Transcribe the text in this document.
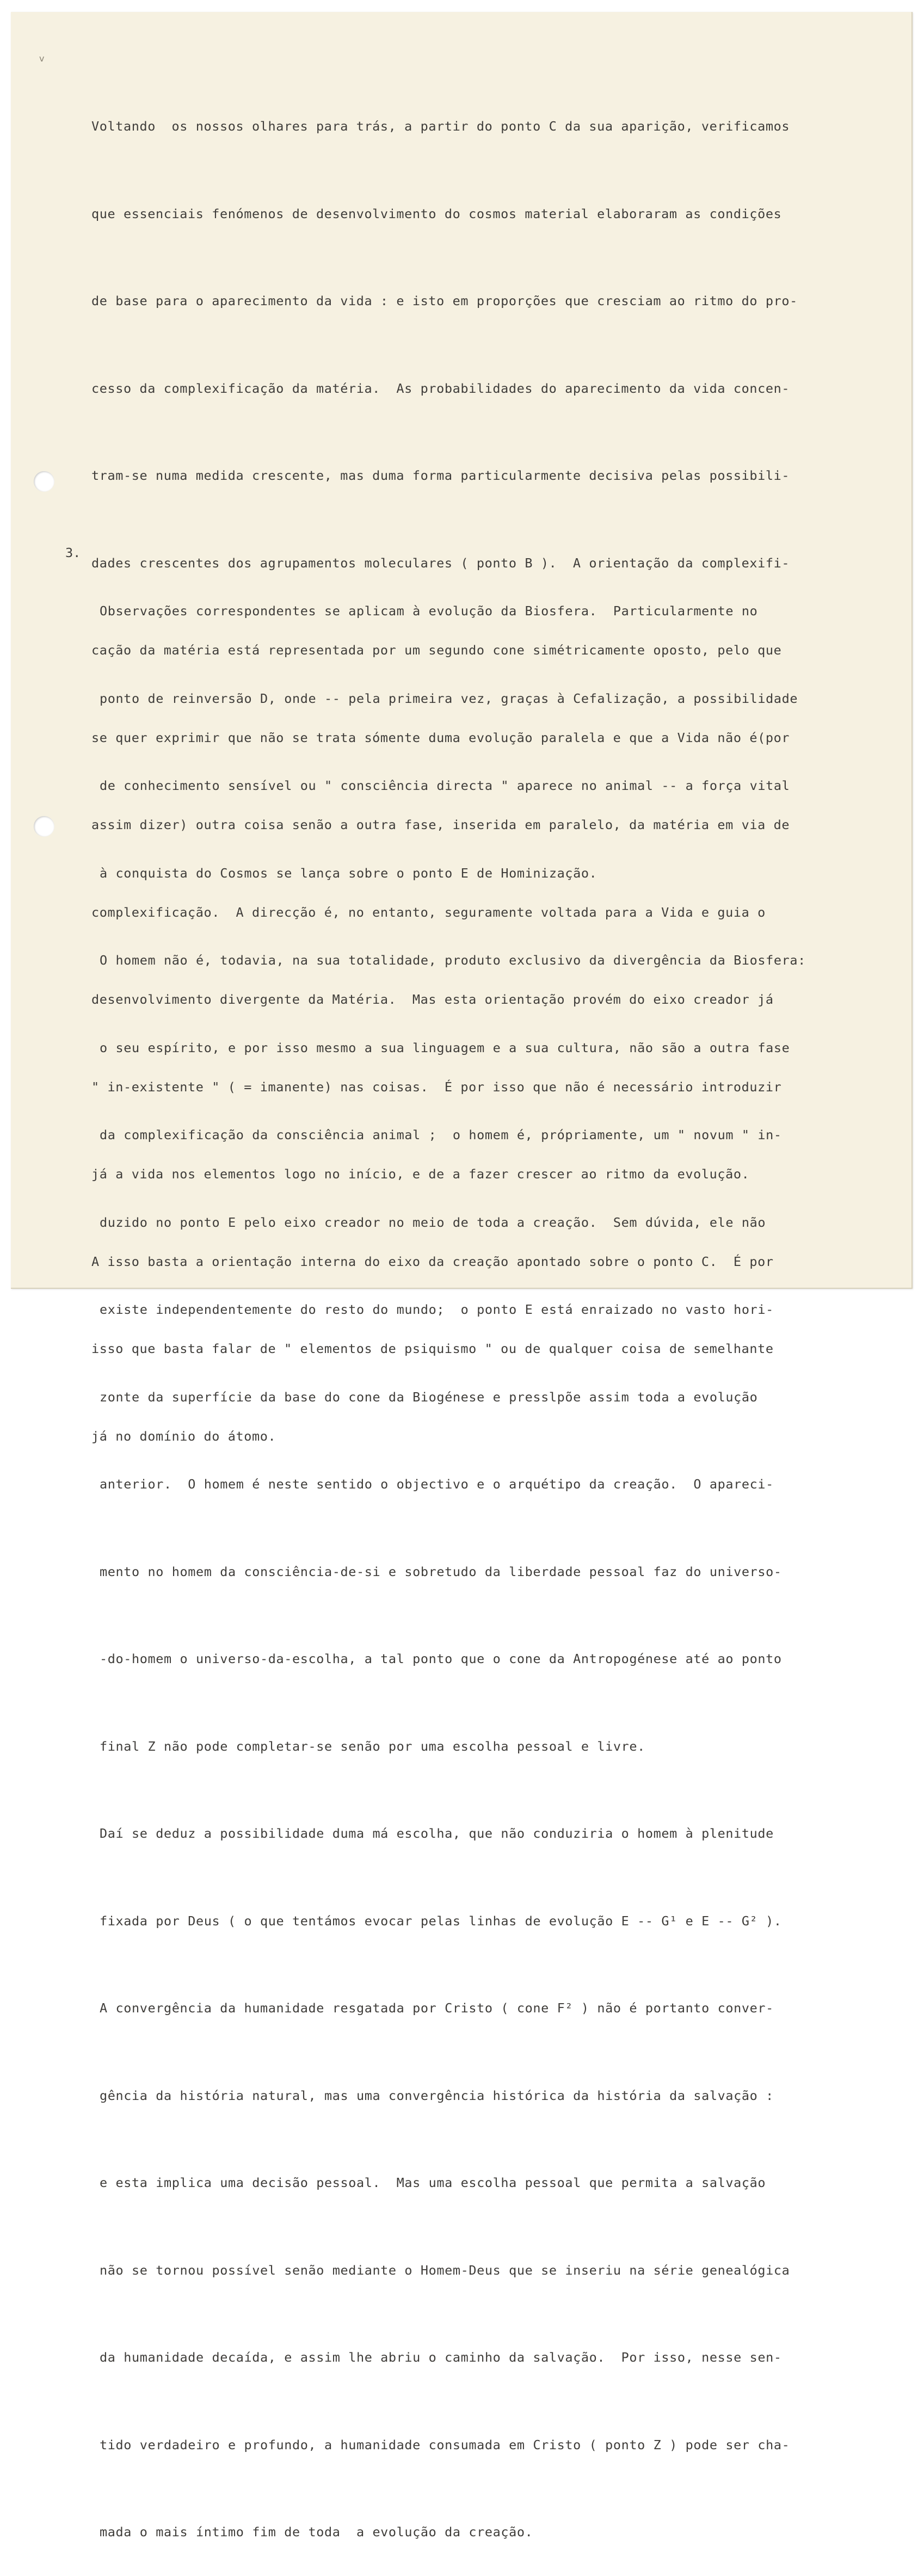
v

Voltando  os nossos olhares para trás, a partir do ponto C da sua aparição, verificamos

que essenciais fenómenos de desenvolvimento do cosmos material elaboraram as condições

de base para o aparecimento da vida : e isto em proporções que cresciam ao ritmo do pro-

cesso da complexificação da matéria.  As probabilidades do aparecimento da vida concen-

tram-se numa medida crescente, mas duma forma particularmente decisiva pelas possibili-

dades crescentes dos agrupamentos moleculares ( ponto B ).  A orientação da complexifi-

cação da matéria está representada por um segundo cone simétricamente oposto, pelo que

se quer exprimir que não se trata sómente duma evolução paralela e que a Vida não é(por

assim dizer) outra coisa senão a outra fase, inserida em paralelo, da matéria em via de

complexificação.  A direcção é, no entanto, seguramente voltada para a Vida e guia o

desenvolvimento divergente da Matéria.  Mas esta orientação provém do eixo creador já

" in-existente " ( = imanente) nas coisas.  É por isso que não é necessário introduzir

já a vida nos elementos logo no início, e de a fazer crescer ao ritmo da evolução.

A isso basta a orientação interna do eixo da creação apontado sobre o ponto C.  É por

isso que basta falar de " elementos de psiquismo " ou de qualquer coisa de semelhante

já no domínio do átomo.

3.

Observações correspondentes se aplicam à evolução da Biosfera.  Particularmente no

ponto de reinversão D, onde -- pela primeira vez, graças à Cefalização, a possibilidade

de conhecimento sensível ou " consciência directa " aparece no animal -- a força vital

à conquista do Cosmos se lança sobre o ponto E de Hominização.

O homem não é, todavia, na sua totalidade, produto exclusivo da divergência da Biosfera:

o seu espírito, e por isso mesmo a sua linguagem e a sua cultura, não são a outra fase

da complexificação da consciência animal ;  o homem é, própriamente, um " novum " in-

duzido no ponto E pelo eixo creador no meio de toda a creação.  Sem dúvida, ele não

existe independentemente do resto do mundo;  o ponto E está enraizado no vasto hori-

zonte da superfície da base do cone da Biogénese e presslpõe assim toda a evolução

anterior.  O homem é neste sentido o objectivo e o arquétipo da creação.  O apareci-

mento no homem da consciência-de-si e sobretudo da liberdade pessoal faz do universo-

-do-homem o universo-da-escolha, a tal ponto que o cone da Antropogénese até ao ponto

final Z não pode completar-se senão por uma escolha pessoal e livre.

Daí se deduz a possibilidade duma má escolha, que não conduziria o homem à plenitude

fixada por Deus ( o que tentámos evocar pelas linhas de evolução E -- G¹ e E -- G² ).

A convergência da humanidade resgatada por Cristo ( cone F² ) não é portanto conver-

gência da história natural, mas uma convergência histórica da história da salvação :

e esta implica uma decisão pessoal.  Mas uma escolha pessoal que permita a salvação

não se tornou possível senão mediante o Homem-Deus que se inseriu na série genealógica

da humanidade decaída, e assim lhe abriu o caminho da salvação.  Por isso, nesse sen-

tido verdadeiro e profundo, a humanidade consumada em Cristo ( ponto Z ) pode ser cha-

mada o mais íntimo fim de toda  a evolução da creação.
